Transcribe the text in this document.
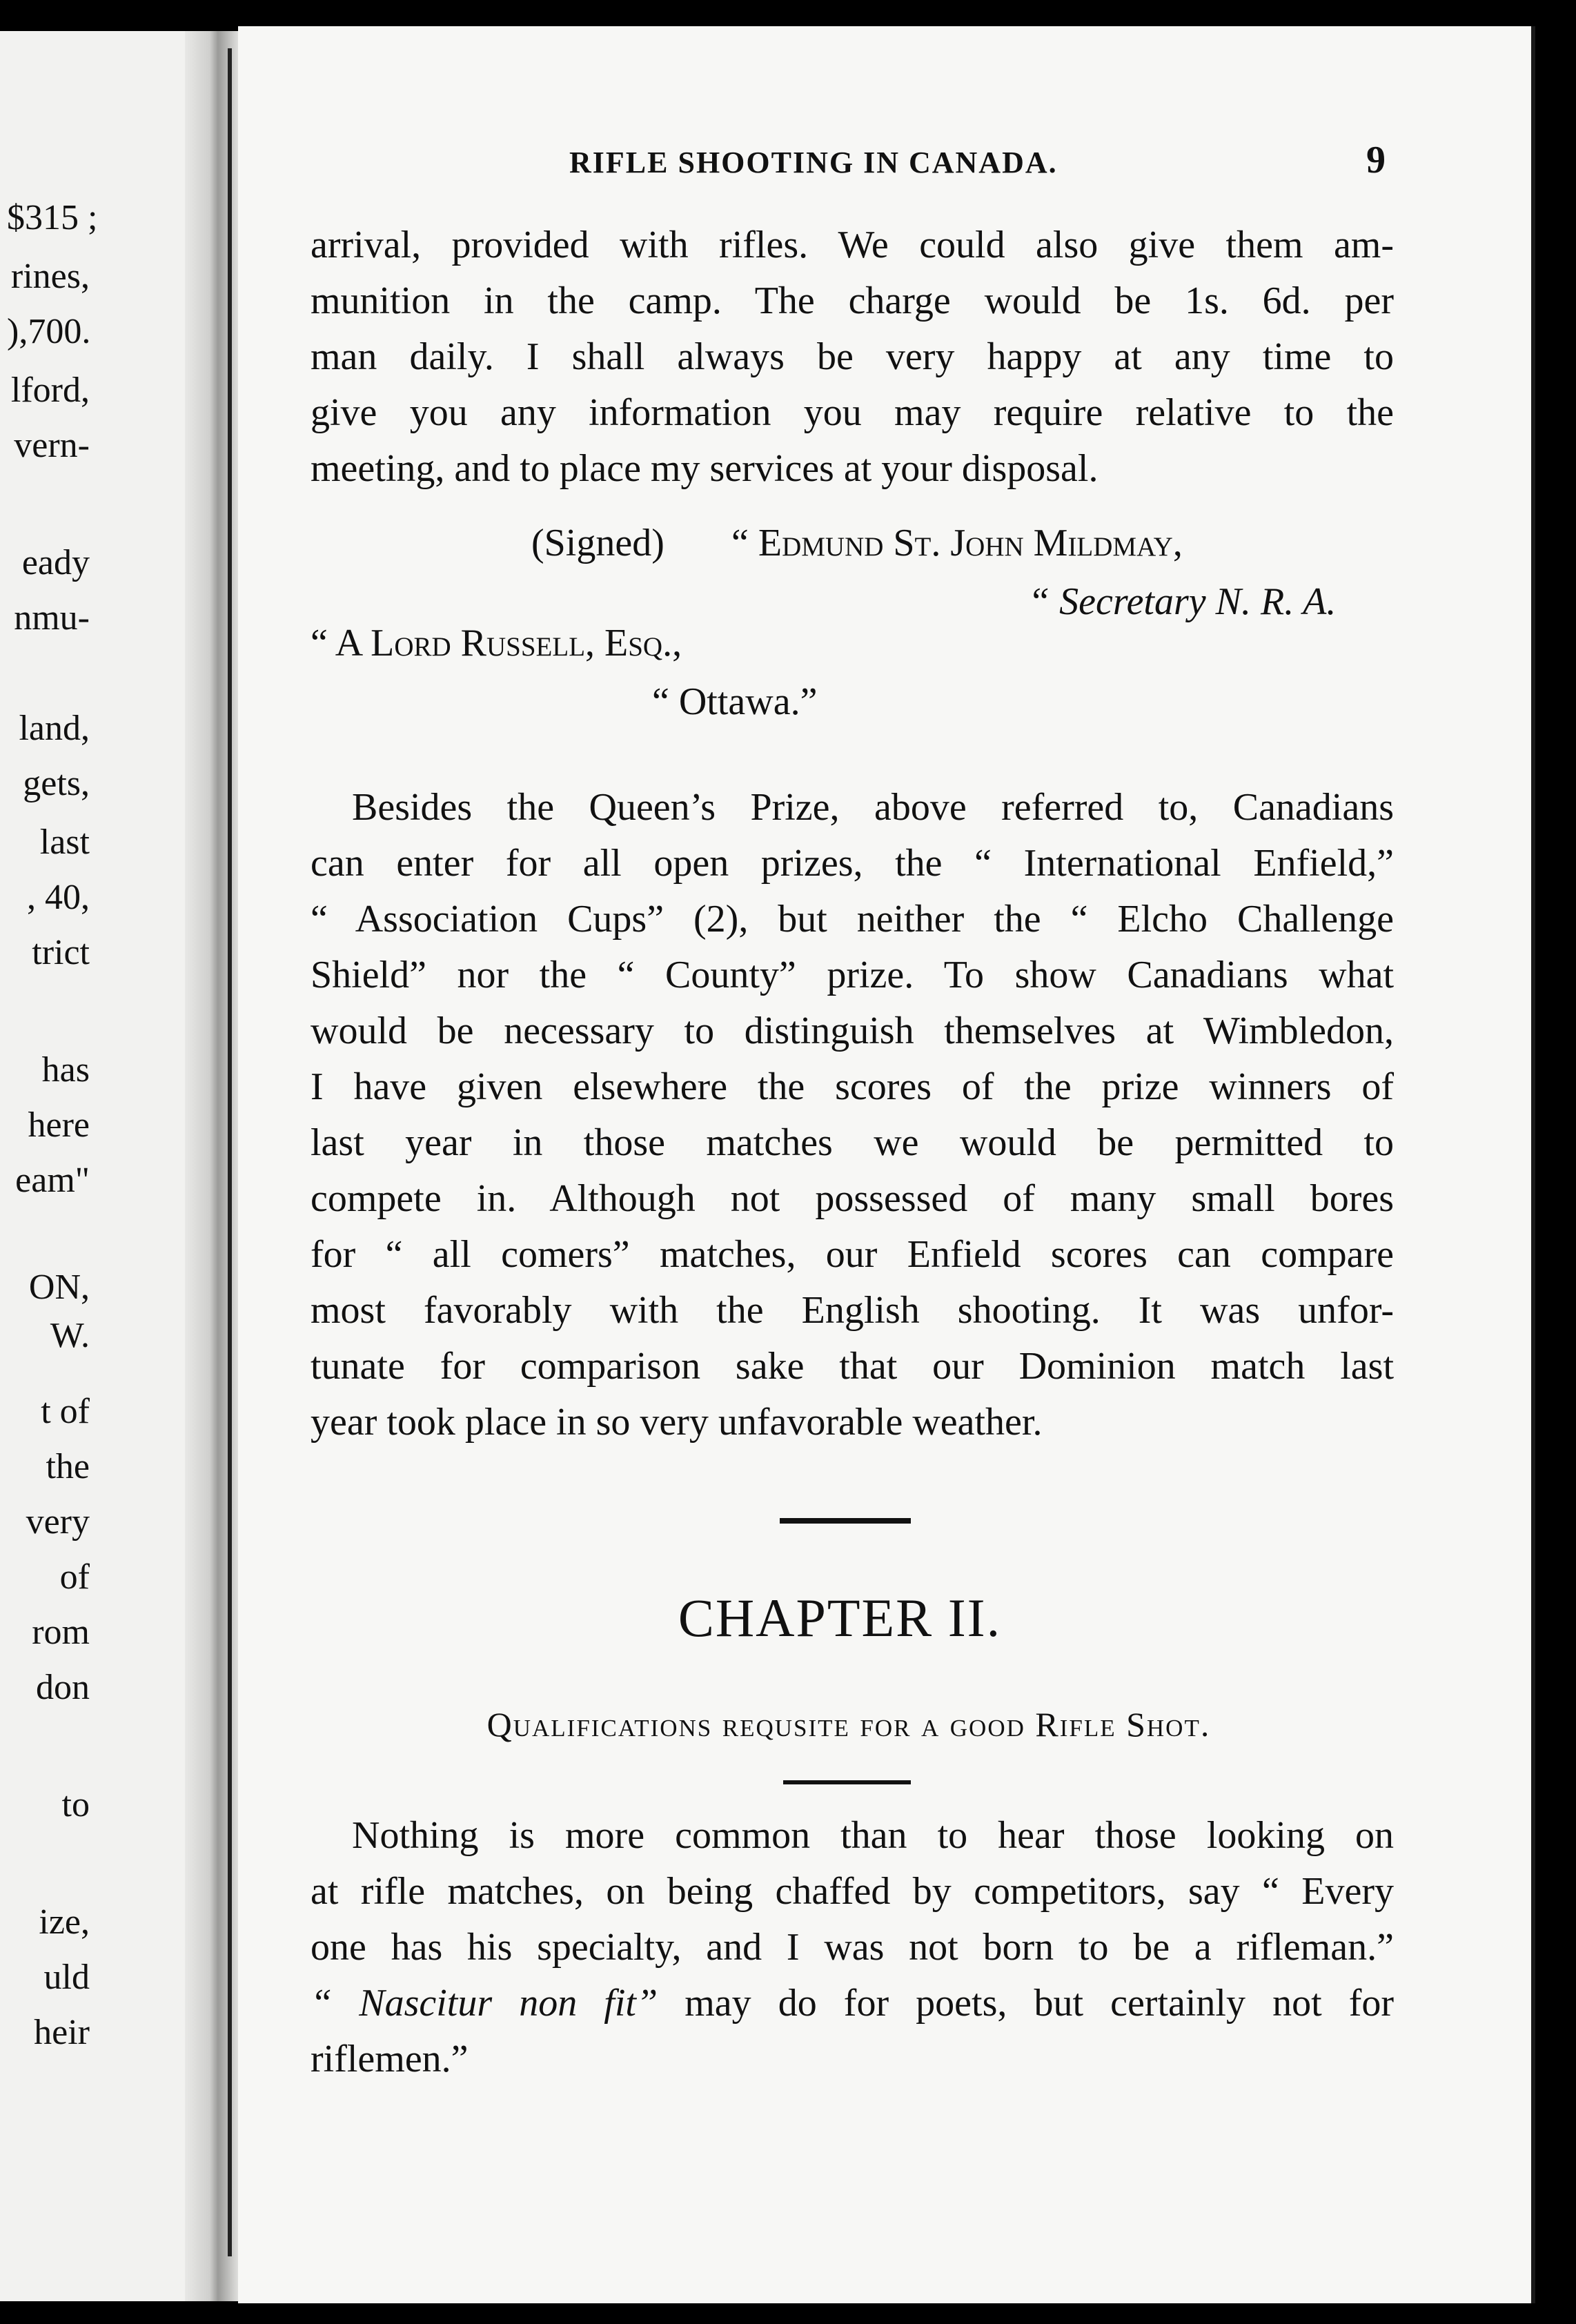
$315 ;
rines,
),700.
lford,
vern-
eady
nmu-
land,
gets,
last
, 40,
trict
has
here
eam"
ON,
W.
t of
the
very
of
rom
don
to
ize,
uld
heir
RIFLE SHOOTING IN CANADA.	9
arrival, provided with rifles. We could also give them am-
munition in the camp. The charge would be 1s. 6d. per
man daily. I shall always be very happy at any time to
give you any information you may require relative to the
meeting, and to place my services at your disposal.
(Signed) “ Edmund St. John Mildmay,
“ Secretary N. R. A.
“ A Lord Russell, Esq.,
“ Ottawa.”
Besides the Queen’s Prize, above referred to, Canadians
can enter for all open prizes, the “ International Enfield,”
“ Association Cups” (2), but neither the “ Elcho Challenge
Shield” nor the “ County” prize. To show Canadians what
would be necessary to distinguish themselves at Wimbledon,
I have given elsewhere the scores of the prize winners of
last year in those matches we would be permitted to
compete in. Although not possessed of many small bores
for “ all comers” matches, our Enfield scores can compare
most favorably with the English shooting. It was unfor-
tunate for comparison sake that our Dominion match last
year took place in so very unfavorable weather.
CHAPTER II.
Qualifications requsite for a good Rifle Shot.
Nothing is more common than to hear those looking on
at rifle matches, on being chaffed by competitors, say “ Every
one has his specialty, and I was not born to be a rifleman.”
“ Nascitur non fit” may do for poets, but certainly not for
riflemen.”
